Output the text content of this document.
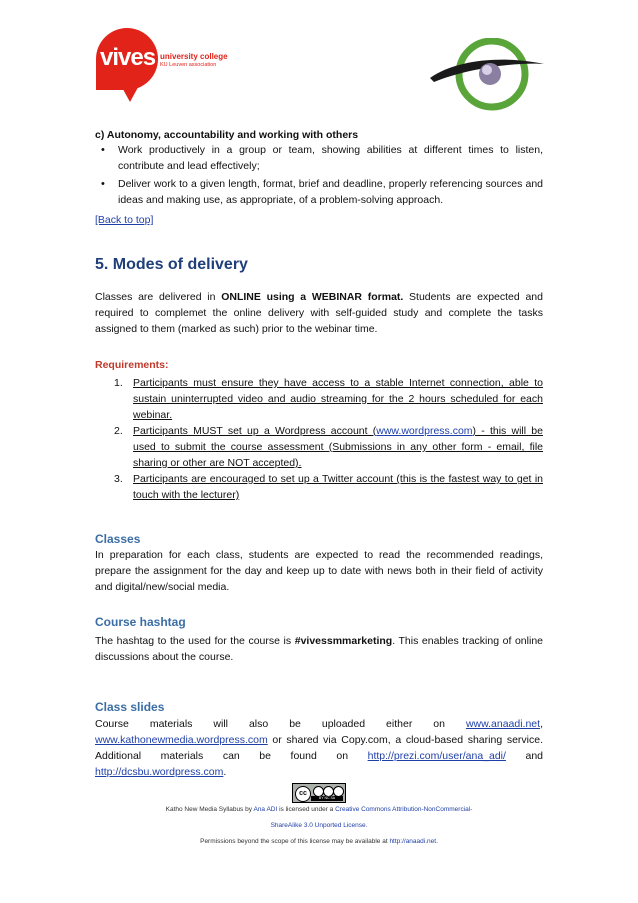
vives university college
KU Leuven association

c) Autonomy, accountability and working with others

• Work productively in a group or team, showing abilities at different times to listen, contribute and lead effectively;
• Deliver work to a given length, format, brief and deadline, properly referencing sources and ideas and making use, as appropriate, of a problem-solving approach.
[Back to top]
5. Modes of delivery

Classes are delivered in ONLINE using a WEBINAR format. Students are expected and required to complemet the online delivery with self-guided study and complete the tasks assigned to them (marked as such) prior to the webinar time.

Requirements:
1. Participants must ensure they have access to a stable Internet connection, able to sustain uninterrupted video and audio streaming for the 2 hours scheduled for each webinar.
2. Participants MUST set up a Wordpress account (www.wordpress.com) - this will be used to submit the course assessment (Submissions in any other form - email, file sharing or other are NOT accepted).
3. Participants are encouraged to set up a Twitter account (this is the fastest way to get in touch with the lecturer)
Classes

In preparation for each class, students are expected to read the recommended readings, prepare the assignment for the day and keep up to date with news both in their field of activity and digital/new/social media.

Course hashtag

The hashtag to the used for the course is #vivessmmarketing. This enables tracking of online discussions about the course.

Class slides
Course materials will also be uploaded either on www.anaadi.net,

www.kathonewmedia.wordpress.com or shared via Copy.com, a cloud-based sharing service. Additional materials can be found on http://prezi.com/user/ana_adi/ and http://dcsbu.wordpress.com.

cc
BY NC SA
Katho New Media Syllabus by Ana ADI is licensed under a Creative Commons Attribution-NonCommercial-
ShareAlike 3.0 Unported License.
Permissions beyond the scope of this license may be available at http://anaadi.net.
